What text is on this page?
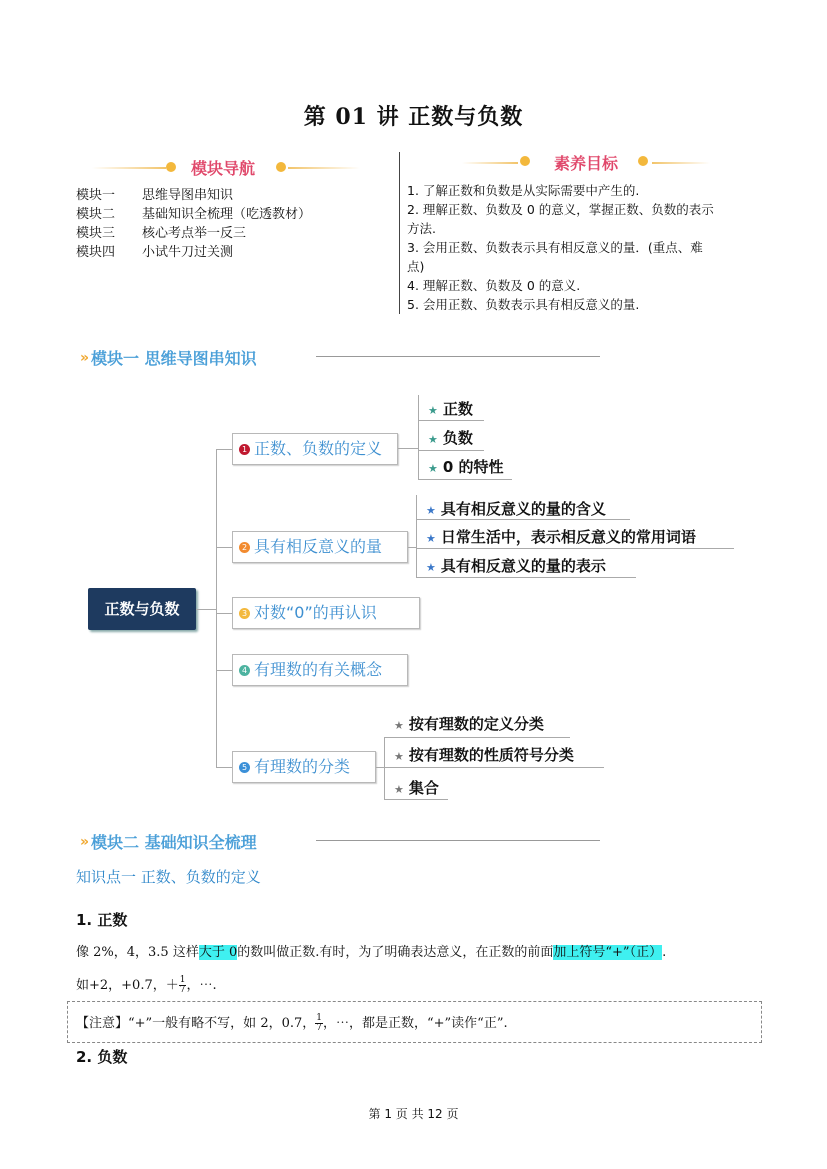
第 01 讲 正数与负数
模块导航
模块一 思维导图串知识
模块二 基础知识全梳理（吃透教材）
模块三 核心考点举一反三
模块四 小试牛刀过关测
素养目标
1. 了解正数和负数是从实际需要中产生的.
2. 理解正数、负数及 0 的意义，掌握正数、负数的表示
方法.
3. 会用正数、负数表示具有相反意义的量．(重点、难
点)
4. 理解正数、负数及 0 的意义.
5. 会用正数、负数表示具有相反意义的量.
» 模块一 思维导图串知识
正数与负数
1 正数、负数的定义
★ 正数
★ 负数
★ 0 的特性
2 具有相反意义的量
★ 具有相反意义的量的含义
★ 日常生活中，表示相反意义的常用词语
★ 具有相反意义的量的表示
3 对数“0”的再认识
4 有理数的有关概念
5 有理数的分类
★ 按有理数的定义分类
★ 按有理数的性质符号分类
★ 集合
» 模块二 基础知识全梳理
知识点一 正数、负数的定义
1. 正数
像 2%，4，3.5 这样大于 0的数叫做正数.有时，为了明确表达意义，在正数的前面加上符号“+”（正）.
如+2，+0.7，＋ $\frac{1}{7}$，⋯.
【注意】“+”一般有略不写，如 2，0.7， $\frac{1}{7}$，⋯，都是正数，“+”读作“正”.
2. 负数
第 1 页 共 12 页
